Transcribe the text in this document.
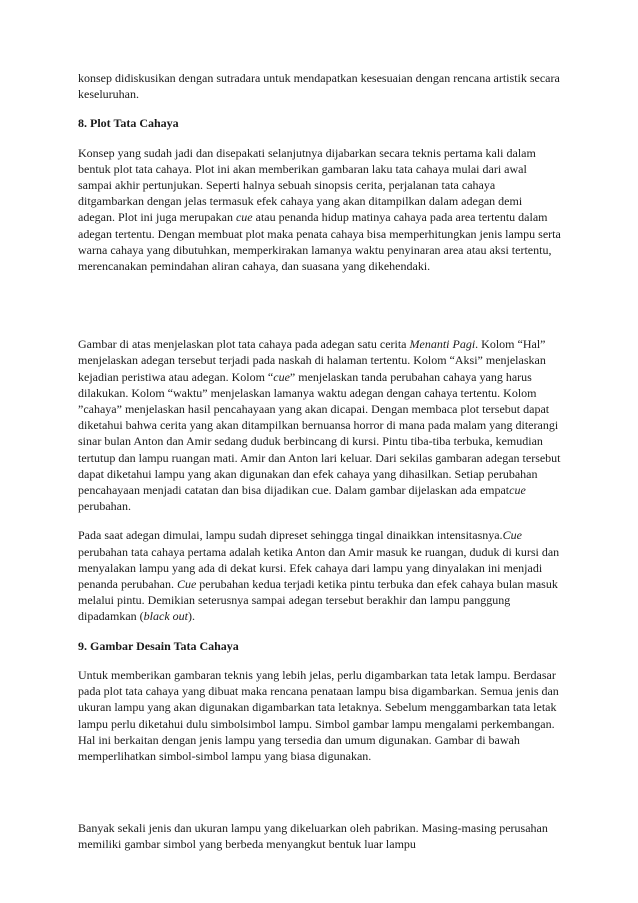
konsep didiskusikan dengan sutradara untuk mendapatkan kesesuaian dengan rencana artistik secara keseluruhan.

8. Plot Tata Cahaya

Konsep yang sudah jadi dan disepakati selanjutnya dijabarkan secara teknis pertama kali dalam bentuk plot tata cahaya. Plot ini akan memberikan gambaran laku tata cahaya mulai dari awal sampai akhir pertunjukan. Seperti halnya sebuah sinopsis cerita, perjalanan tata cahaya ditgambarkan dengan jelas termasuk efek cahaya yang akan ditampilkan dalam adegan demi adegan. Plot ini juga merupakan cue atau penanda hidup matinya cahaya pada area tertentu dalam adegan tertentu. Dengan membuat plot maka penata cahaya bisa memperhitungkan jenis lampu serta warna cahaya yang dibutuhkan, memperkirakan lamanya waktu penyinaran area atau aksi tertentu, merencanakan pemindahan aliran cahaya, dan suasana yang dikehendaki.

Gambar di atas menjelaskan plot tata cahaya pada adegan satu cerita Menanti Pagi. Kolom “Hal” menjelaskan adegan tersebut terjadi pada naskah di halaman tertentu. Kolom “Aksi” menjelaskan kejadian peristiwa atau adegan. Kolom “cue” menjelaskan tanda perubahan cahaya yang harus dilakukan. Kolom “waktu” menjelaskan lamanya waktu adegan dengan cahaya tertentu. Kolom ”cahaya” menjelaskan hasil pencahayaan yang akan dicapai. Dengan membaca plot tersebut dapat diketahui bahwa cerita yang akan ditampilkan bernuansa horror di mana pada malam yang diterangi sinar bulan Anton dan Amir sedang duduk berbincang di kursi. Pintu tiba-tiba terbuka, kemudian tertutup dan lampu ruangan mati. Amir dan Anton lari keluar. Dari sekilas gambaran adegan tersebut dapat diketahui lampu yang akan digunakan dan efek cahaya yang dihasilkan. Setiap perubahan pencahayaan menjadi catatan dan bisa dijadikan cue. Dalam gambar dijelaskan ada empatcue perubahan.

Pada saat adegan dimulai, lampu sudah dipreset sehingga tingal dinaikkan intensitasnya.Cue perubahan tata cahaya pertama adalah ketika Anton dan Amir masuk ke ruangan, duduk di kursi dan menyalakan lampu yang ada di dekat kursi. Efek cahaya dari lampu yang dinyalakan ini menjadi penanda perubahan. Cue perubahan kedua terjadi ketika pintu terbuka dan efek cahaya bulan masuk melalui pintu. Demikian seterusnya sampai adegan tersebut berakhir dan lampu panggung dipadamkan (black out).

9. Gambar Desain Tata Cahaya

Untuk memberikan gambaran teknis yang lebih jelas, perlu digambarkan tata letak lampu. Berdasar pada plot tata cahaya yang dibuat maka rencana penataan lampu bisa digambarkan. Semua jenis dan ukuran lampu yang akan digunakan digambarkan tata letaknya. Sebelum menggambarkan tata letak lampu perlu diketahui dulu simbolsimbol lampu. Simbol gambar lampu mengalami perkembangan. Hal ini berkaitan dengan jenis lampu yang tersedia dan umum digunakan. Gambar di bawah memperlihatkan simbol-simbol lampu yang biasa digunakan.

Banyak sekali jenis dan ukuran lampu yang dikeluarkan oleh pabrikan. Masing-masing perusahan memiliki gambar simbol yang berbeda menyangkut bentuk luar lampu
